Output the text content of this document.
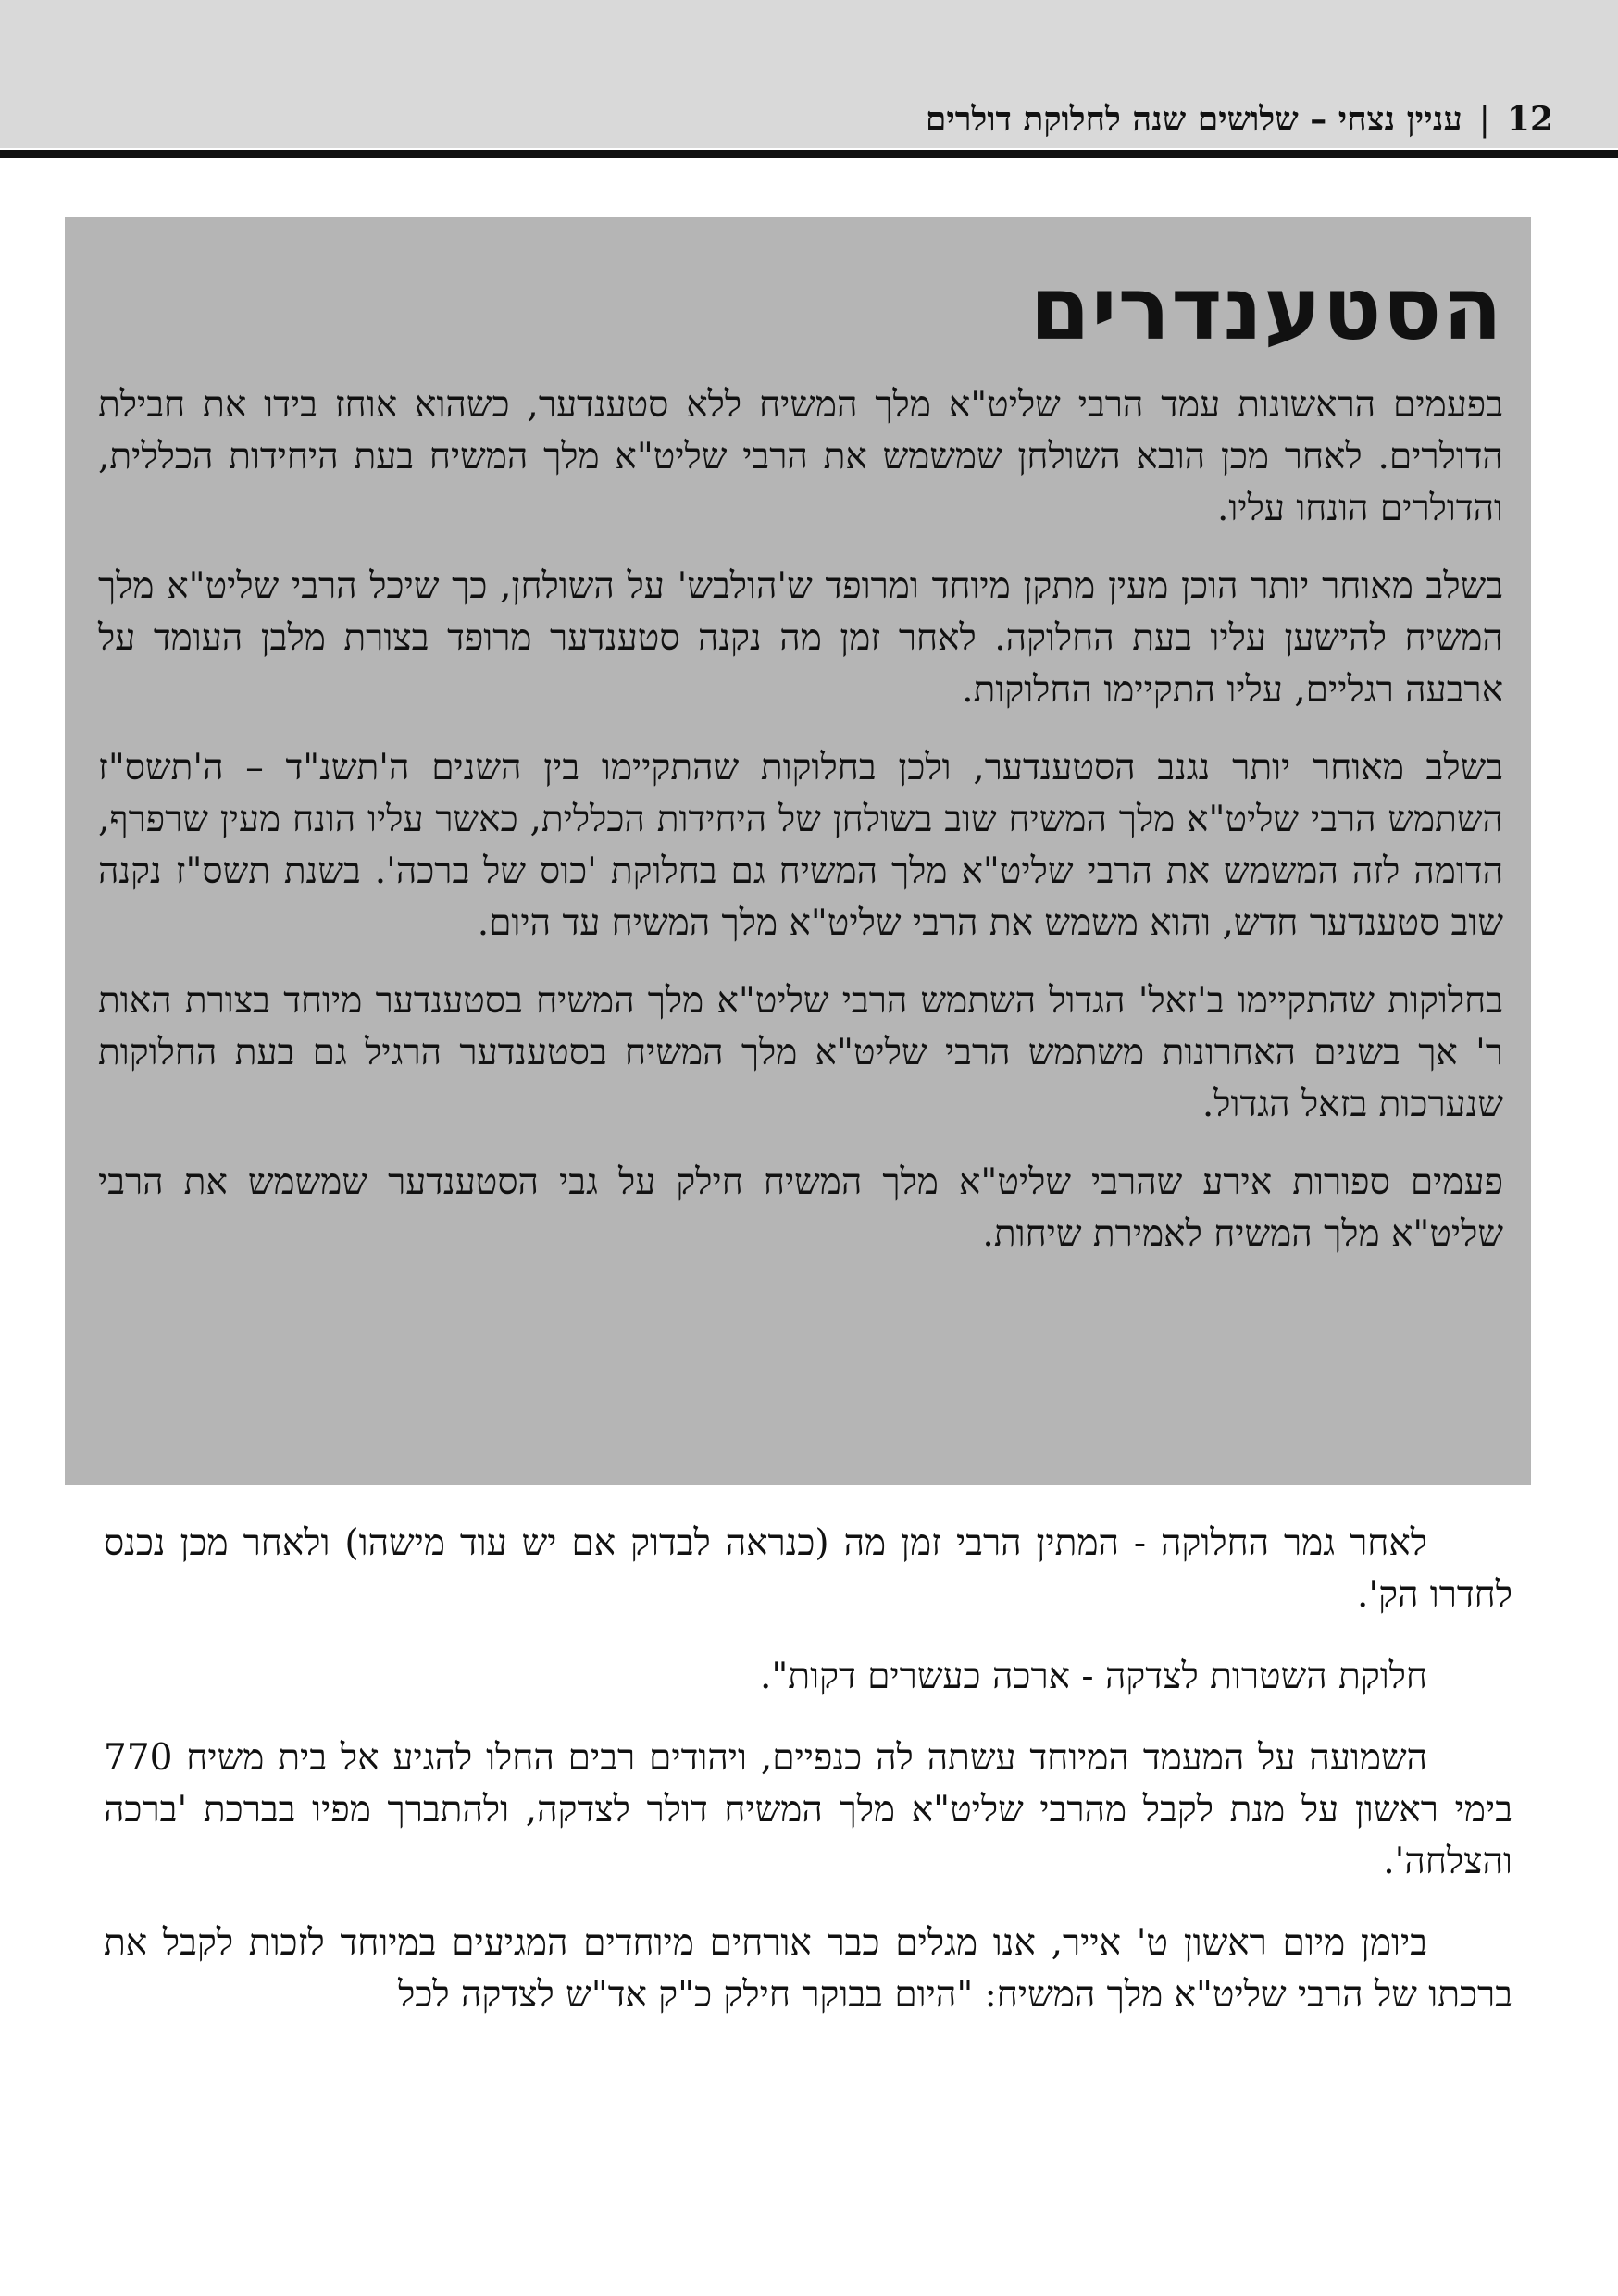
12
|
עניין נצחי – שלושים שנה לחלוקת דולרים
הסטענדרים

בפעמים הראשונות עמד הרבי שליט"א מלך המשיח ללא סטענדער, כשהוא אוחז בידו את חבילת הדולרים. לאחר מכן הובא השולחן שמשמש את הרבי שליט"א מלך המשיח בעת היחידות הכללית, והדולרים הונחו עליו.

בשלב מאוחר יותר הוכן מעין מתקן מיוחד ומרופד ש'הולבש' על השולחן, כך שיכל הרבי שליט"א מלך המשיח להישען עליו בעת החלוקה. לאחר זמן מה נקנה סטענדער מרופד בצורת מלבן העומד על ארבעה רגליים, עליו התקיימו החלוקות.

בשלב מאוחר יותר נגנב הסטענדער, ולכן בחלוקות שהתקיימו בין השנים ה'תשנ"ד – ה'תשס"ז השתמש הרבי שליט"א מלך המשיח שוב בשולחן של היחידות הכללית, כאשר עליו הונח מעין שרפרף, הדומה לזה המשמש את הרבי שליט"א מלך המשיח גם בחלוקת 'כוס של ברכה'. בשנת תשס"ז נקנה שוב סטענדער חדש, והוא משמש את הרבי שליט"א מלך המשיח עד היום.

בחלוקות שהתקיימו ב'זאל' הגדול השתמש הרבי שליט"א מלך המשיח בסטענדער מיוחד בצורת האות ר' אך בשנים האחרונות משתמש הרבי שליט"א מלך המשיח בסטענדער הרגיל גם בעת החלוקות שנערכות בזאל הגדול.

פעמים ספורות אירע שהרבי שליט"א מלך המשיח חילק על גבי הסטענדער שמשמש את הרבי שליט"א מלך המשיח לאמירת שיחות.

לאחר גמר החלוקה - המתין הרבי זמן מה (כנראה לבדוק אם יש עוד מישהו) ולאחר מכן נכנס לחדרו הק'.

חלוקת השטרות לצדקה - ארכה כעשרים דקות".

השמועה על המעמד המיוחד עשתה לה כנפיים, ויהודים רבים החלו להגיע אל בית משיח 770 בימי ראשון על מנת לקבל מהרבי שליט"א מלך המשיח דולר לצדקה, ולהתברך מפיו בברכת 'ברכה והצלחה'.

ביומן מיום ראשון ט' אייר, אנו מגלים כבר אורחים מיוחדים המגיעים במיוחד לזכות לקבל את ברכתו של הרבי שליט"א מלך המשיח: "היום בבוקר חילק כ"ק אד"ש לצדקה לכל
